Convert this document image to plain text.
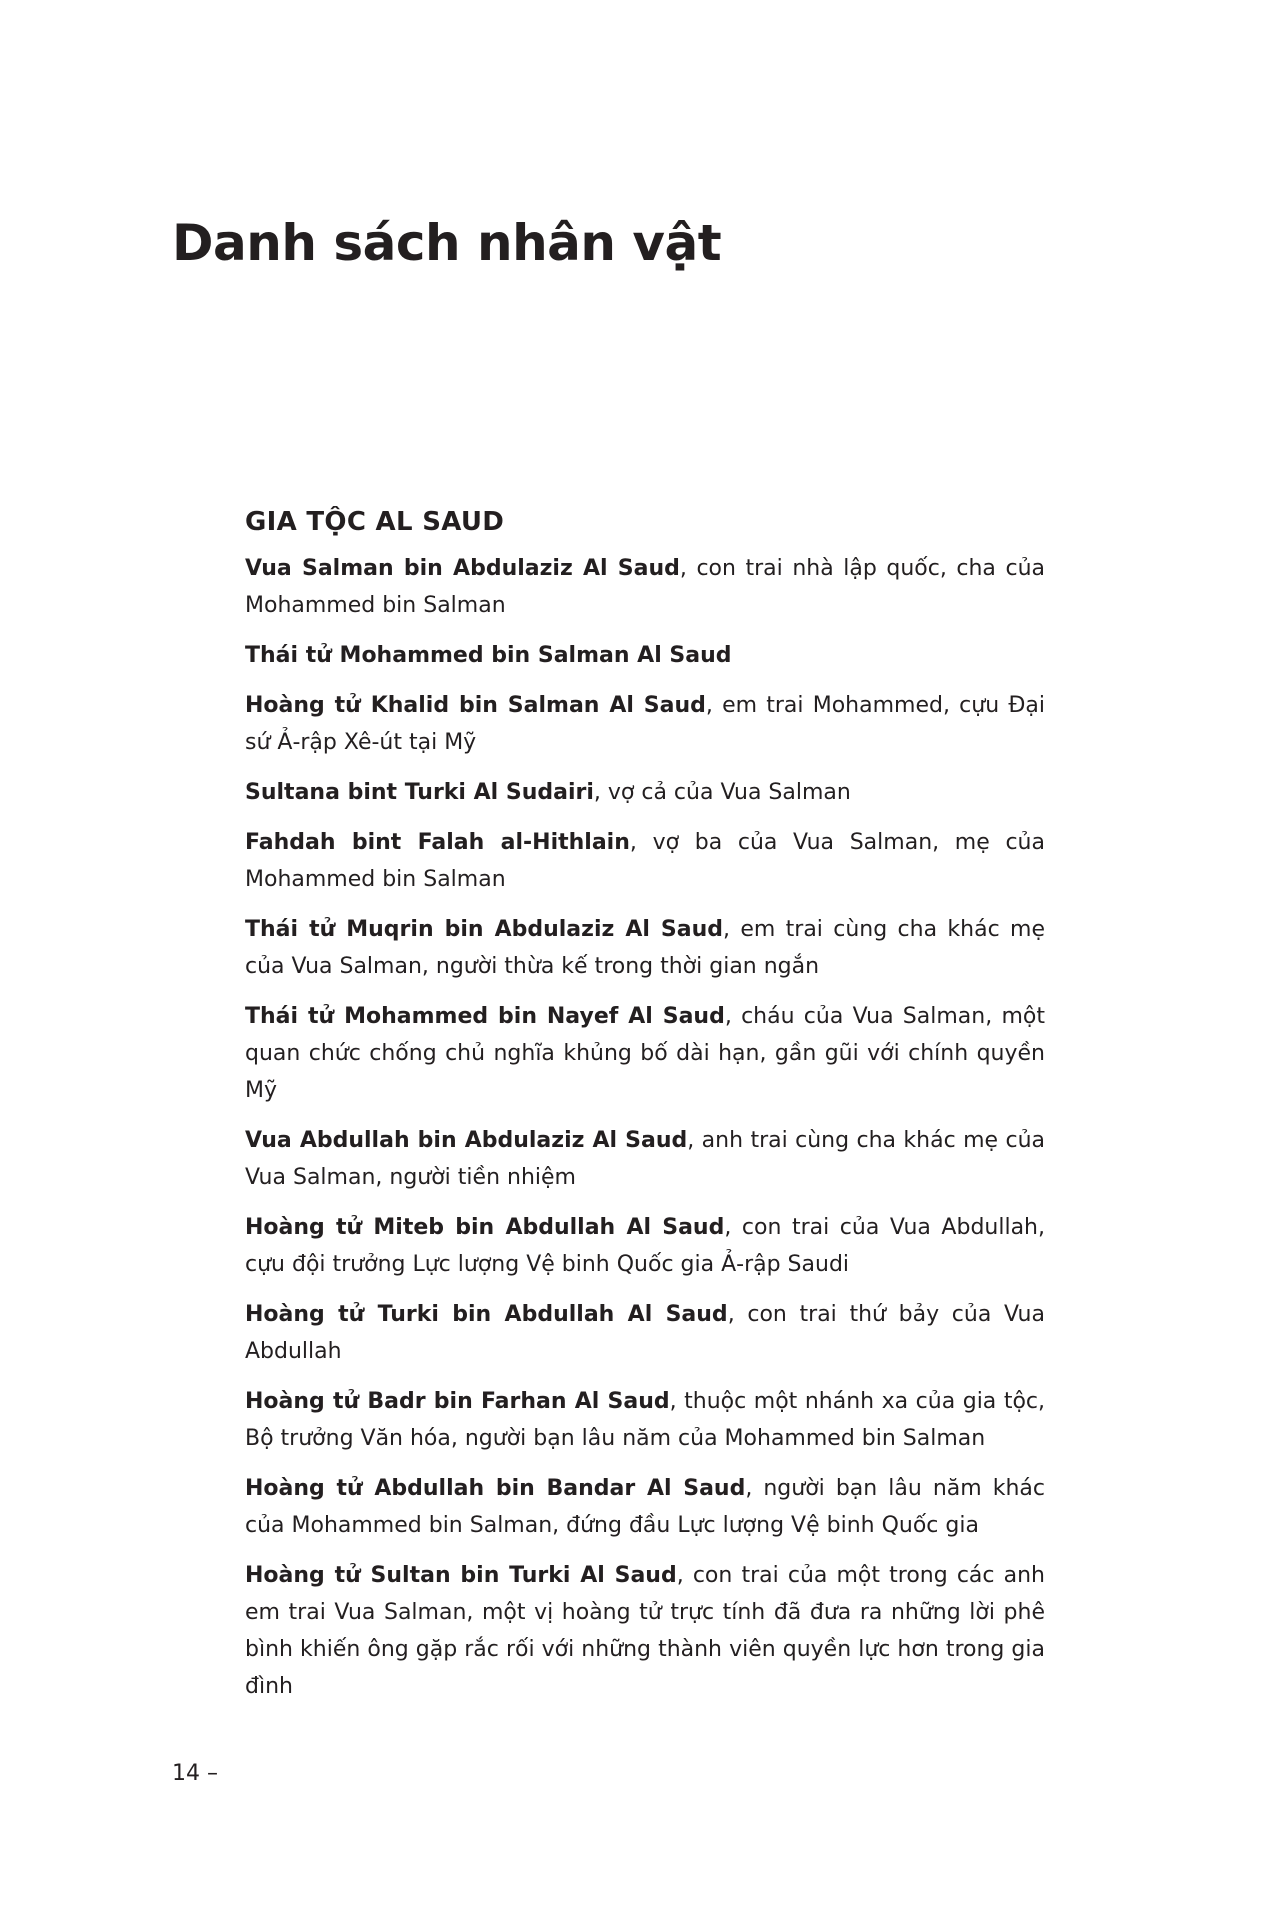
Danh sách nhân vật
GIA TỘC AL SAUD
Vua Salman bin Abdulaziz Al Saud, con trai nhà lập quốc, cha của Mohammed bin Salman
Thái tử Mohammed bin Salman Al Saud
Hoàng tử Khalid bin Salman Al Saud, em trai Mohammed, cựu Đại sứ Ả-rập Xê-út tại Mỹ
Sultana bint Turki Al Sudairi, vợ cả của Vua Salman
Fahdah bint Falah al-Hithlain, vợ ba của Vua Salman, mẹ của Mohammed bin Salman
Thái tử Muqrin bin Abdulaziz Al Saud, em trai cùng cha khác mẹ của Vua Salman, người thừa kế trong thời gian ngắn
Thái tử Mohammed bin Nayef Al Saud, cháu của Vua Salman, một quan chức chống chủ nghĩa khủng bố dài hạn, gần gũi với chính quyền Mỹ
Vua Abdullah bin Abdulaziz Al Saud, anh trai cùng cha khác mẹ của Vua Salman, người tiền nhiệm
Hoàng tử Miteb bin Abdullah Al Saud, con trai của Vua Abdullah, cựu đội trưởng Lực lượng Vệ binh Quốc gia Ả-rập Saudi
Hoàng tử Turki bin Abdullah Al Saud, con trai thứ bảy của Vua Abdullah
Hoàng tử Badr bin Farhan Al Saud, thuộc một nhánh xa của gia tộc, Bộ trưởng Văn hóa, người bạn lâu năm của Mohammed bin Salman
Hoàng tử Abdullah bin Bandar Al Saud, người bạn lâu năm khác của Mohammed bin Salman, đứng đầu Lực lượng Vệ binh Quốc gia
Hoàng tử Sultan bin Turki Al Saud, con trai của một trong các anh em trai Vua Salman, một vị hoàng tử trực tính đã đưa ra những lời phê bình khiến ông gặp rắc rối với những thành viên quyền lực hơn trong gia đình
14 –
